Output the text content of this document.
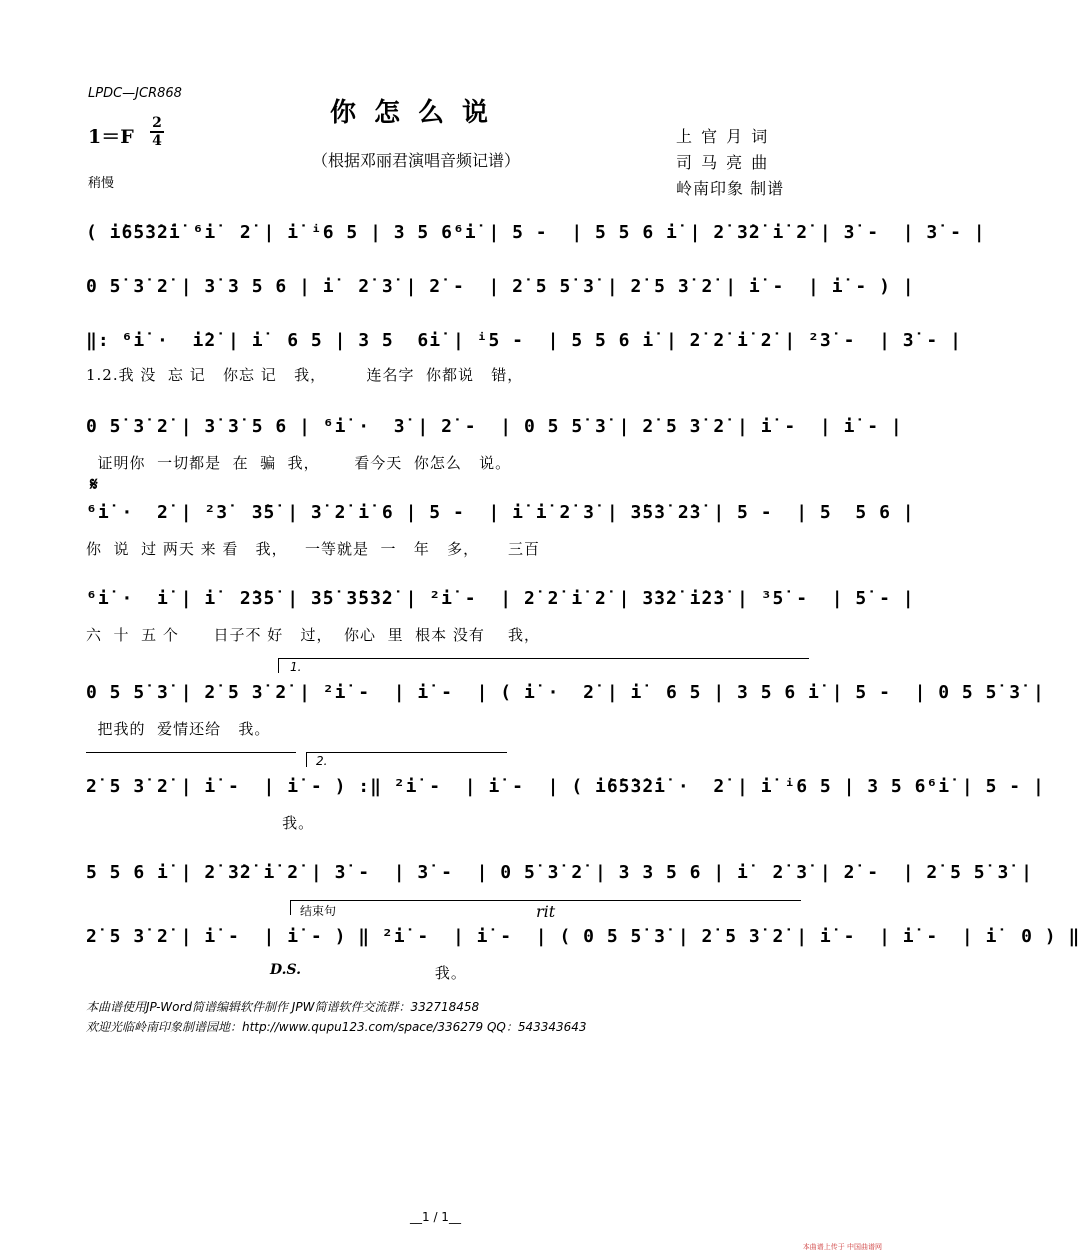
LPDC—JCR868
你怎么说
（根据邓丽君演唱音频记谱）
1＝F
2
4
稍慢
上 官 月 词
司 马 亮 曲
岭南印象 制谱
( i̇6̇5̇3̇2̇i̇ ⁶i̇  2̇ | i̇ ⁱ6 5 | 3 5 6⁶i̇ | 5 -  | 5 5 6 i̇ | 2̇ 3̇2̇ i̇ 2̇ | 3̇ -  | 3̇ - |
0 5̇ 3̇ 2̇ | 3̇ 3 5 6 | i̇  2̇ 3̇ | 2̇ -  | 2̇ 5 5̇ 3̇ | 2̇ 5 3̇ 2̇ | i̇ -  | i̇ - ) |
‖: ⁶i̇ ·  i̇2̇ | i̇  6 5 | 3 5  6i̇ | ⁱ5 -  | 5 5 6 i̇ | 2̇ 2̇ i̇ 2̇ | ²3̇ -  | 3̇ - |
1.2.我 没  忘 记   你忘 记   我，       连名字  你都说   错，
0 5̇ 3̇ 2̇ | 3̇ 3̇ 5 6 | ⁶i̇ ·  3̇ | 2̇ -  | 0 5 5̇ 3̇ | 2̇ 5 3̇ 2̇ | i̇ -  | i̇ - |
证明你  一切都是  在  骗  我，      看今天  你怎么   说。
𝄋
⁶i̇ ·  2̇ | ²3̇  3̇5̇ | 3̇ 2̇ i̇ 6 | 5 -  | i̇ i̇ 2̇ 3̇ | 3̇5̇3̇ 2̇3̇ | 5 -  | 5  5 6 |
你  说  过 两天 来 看   我，   一等就是  一   年   多，     三百
⁶i̇ ·  i̇ | i̇  2̇3̇5̇ | 3̇5̇ 3̇5̇3̇2̇ | ²i̇ -  | 2̇ 2̇ i̇ 2̇ | 3̇3̇2̇ i̇2̇3̇ | ³5̇ -  | 5̇ - |
六  十  五 个      日子不 好   过，  你心  里  根本 没有    我，
1.
0 5 5̇ 3̇ | 2̇ 5 3̇ 2̇ | ²i̇ -  | i̇ -  | ( i̇ ·  2̇ | i̇  6 5 | 3 5 6 i̇ | 5 -  | 0 5 5̇ 3̇ |
把我的  爱情还给   我。
2.
2̇ 5 3̇ 2̇ | i̇ -  | i̇ - ) :‖ ²i̇ -  | i̇ -  | ( i̇6̇5̇3̇2̇i̇ ·  2̇ | i̇ ⁱ6 5 | 3 5 6⁶i̇ | 5 - |
我。
5 5 6 i̇ | 2̇ 3̇2̇ i̇ 2̇ | 3̇ -  | 3̇ -  | 0 5̇ 3̇ 2̇ | 3 3 5 6 | i̇  2̇ 3̇ | 2̇ -  | 2̇ 5 5̇ 3̇ |
结束句	rit
2̇ 5 3̇ 2̇ | i̇ -  | i̇ - ) ‖ ²i̇ -  | i̇ -  | ( 0 5 5̇ 3̇ | 2̇ 5 3̇ 2̇ | i̇ -  | i̇ -  | i̇  0 ) ‖
我。
D.S.
本曲谱使用JP-Word简谱编辑软件制作 JPW简谱软件交流群：332718458
欢迎光临岭南印象制谱园地：http://www.qupu123.com/space/336279 QQ：543343643
__1 / 1__
本曲谱上传于 中国曲谱网
